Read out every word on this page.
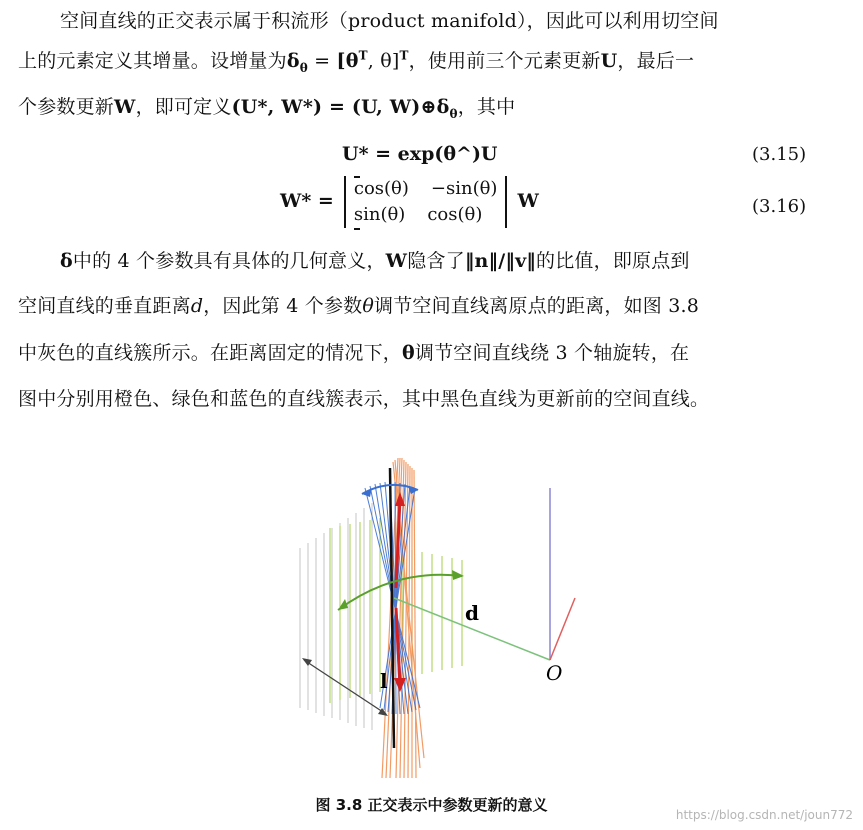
空间直线的正交表示属于积流形（product manifold），因此可以利用切空间
上的元素定义其增量。设增量为$\delta_\theta = [\theta^T$, θ]$^T$，使用前三个元素更新U，最后一
个参数更新W，即可定义(U*, W*) = (U, $W)\oplus\delta_\theta$，其中
U* = exp(θ^)U	(3.15)
W* =
cos(θ) −sin(θ)
sin(θ) cos(θ)
W	(3.16)
δ中的 4 个参数具有具体的几何意义，W隐含了‖n‖/‖v‖的比值，即原点到
空间直线的垂直距离d，因此第 4 个参数θ调节空间直线离原点的距离，如图 3.8
中灰色的直线簇所示。在距离固定的情况下，θ调节空间直线绕 3 个轴旋转，在
图中分别用橙色、绿色和蓝色的直线簇表示，其中黑色直线为更新前的空间直线。
d
l	O
图 3.8 正交表示中参数更新的意义
https://blog.csdn.net/joun772
